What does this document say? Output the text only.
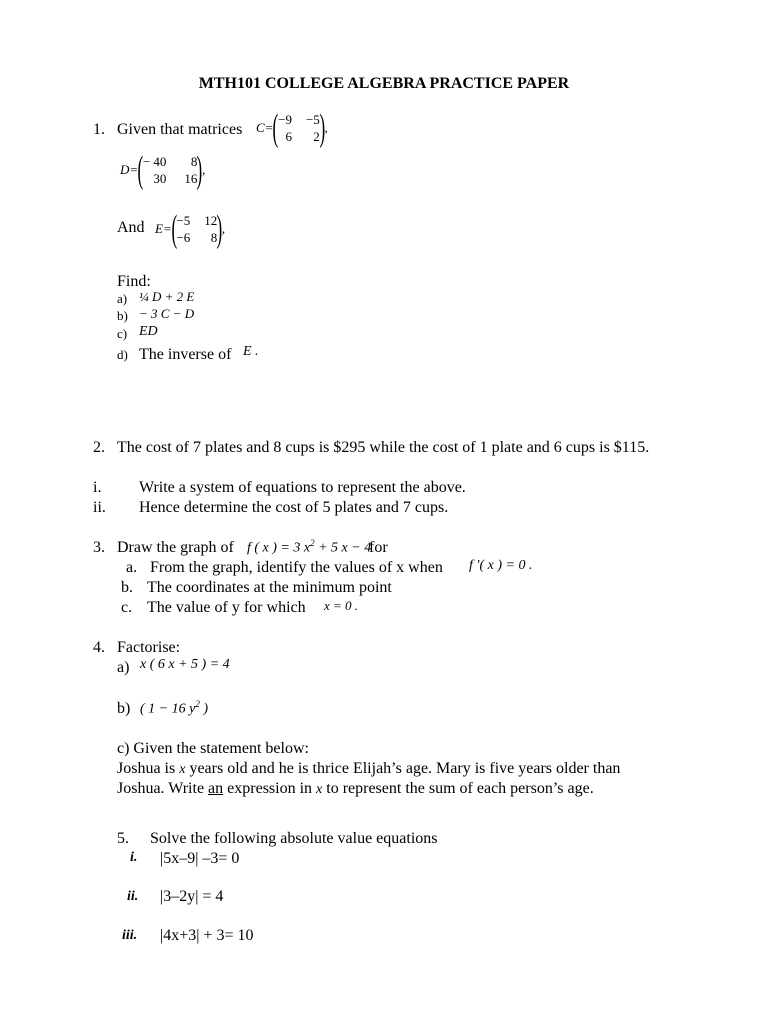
MTH101 COLLEGE ALGEBRA PRACTICE PAPER
1. Given that matrices C= ( −9 −5
6	2 ) ,
D= ( − 40	8
30 16 ) ,
And E= ( −5 12
−6	8 ) ,
Find:
a) ¼ D + 2 E
b) − 3 C − D
c) ED
d) The inverse of E .
2. The cost of 7 plates and 8 cups is $295 while the cost of 1 plate and 6 cups is $115.
i. Write a system of equations to represent the above.
ii. Hence determine the cost of 5 plates and 7 cups.
3. Draw the graph of f ( x ) = 3 $x^2 + 5$ x − 4
for
a. From the graph, identify the values of x when f ′( x ) = 0 .
b. The coordinates at the minimum point
c. The value of y for which x = 0 .
4. Factorise:
a) x ( 6 x + 5 ) = 4
b) ( 1 − 16 $y^2$ )
c) Given the statement below:
Joshua is x years old and he is thrice Elijah’s age. Mary is five years older than
Joshua. Write an expression in x to represent the sum of each person’s age.
5. Solve the following absolute value equations
i. |5x–9| –3= 0
ii. |3–2y| = 4
iii. |4x+3| + 3= 10
